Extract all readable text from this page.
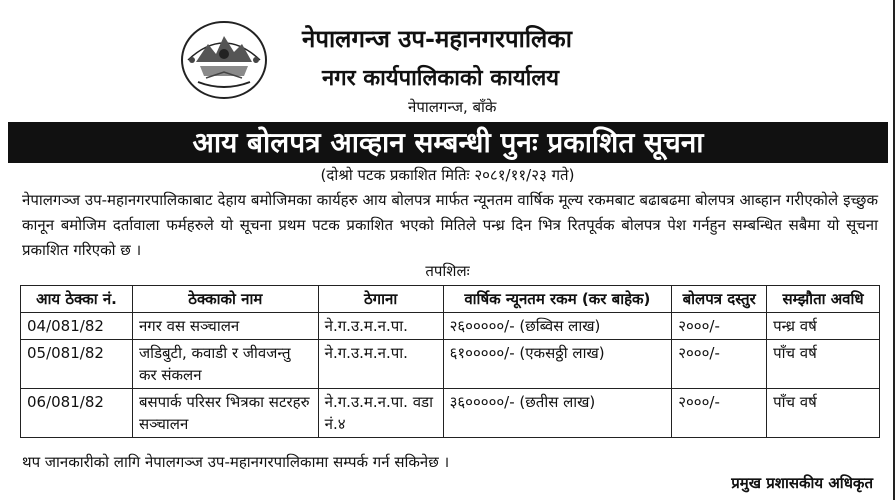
नेपालगन्ज उप-महानगरपालिका
नगर कार्यपालिकाको कार्यालय
नेपालगन्ज, बाँके
आय बोलपत्र आव्हान सम्बन्धी पुनः प्रकाशित सूचना
(दोश्रो पटक प्रकाशित मितिः २०८१/११/२३ गते)
नेपालगञ्ज उप-महानगरपालिकाबाट देहाय बमोजिमका कार्यहरु आय बोलपत्र मार्फत न्यूनतम वार्षिक मूल्य रकमबाट बढाबढमा बोलपत्र आब्हान गरीएकोले इच्छुक कानून बमोजिम दर्तावाला फर्महरुले यो सूचना प्रथम पटक प्रकाशित भएको मितिले पन्ध्र दिन भित्र रितपूर्वक बोलपत्र पेश गर्नहुन सम्बन्धित सबैमा यो सूचना प्रकाशित गरिएको छ ।
तपशिलः
आय ठेक्का नं.	ठेक्काको नाम	ठेगाना	वार्षिक न्यूनतम रकम (कर बाहेक)	बोलपत्र दस्तुर	सम्झौता अवधि
04/081/82	नगर वस सञ्चालन	ने.ग.उ.म.न.पा.	२६०००००/- (छब्विस लाख)	२०००/-	पन्ध्र वर्ष
05/081/82	जडिबुटी, कवाडी र जीवजन्तु कर संकलन	ने.ग.उ.म.न.पा.	६१०००००/- (एकसठ्ठी लाख)	२०००/-	पाँच वर्ष
06/081/82	बसपार्क परिसर भित्रका सटरहरु सञ्चालन	ने.ग.उ.म.न.पा. वडा नं.४	३६०००००/- (छतीस लाख)	२०००/-	पाँच वर्ष
थप जानकारीको लागि नेपालगञ्ज उप-महानगरपालिकामा सम्पर्क गर्न सकिनेछ ।
प्रमुख प्रशासकीय अधिकृत
